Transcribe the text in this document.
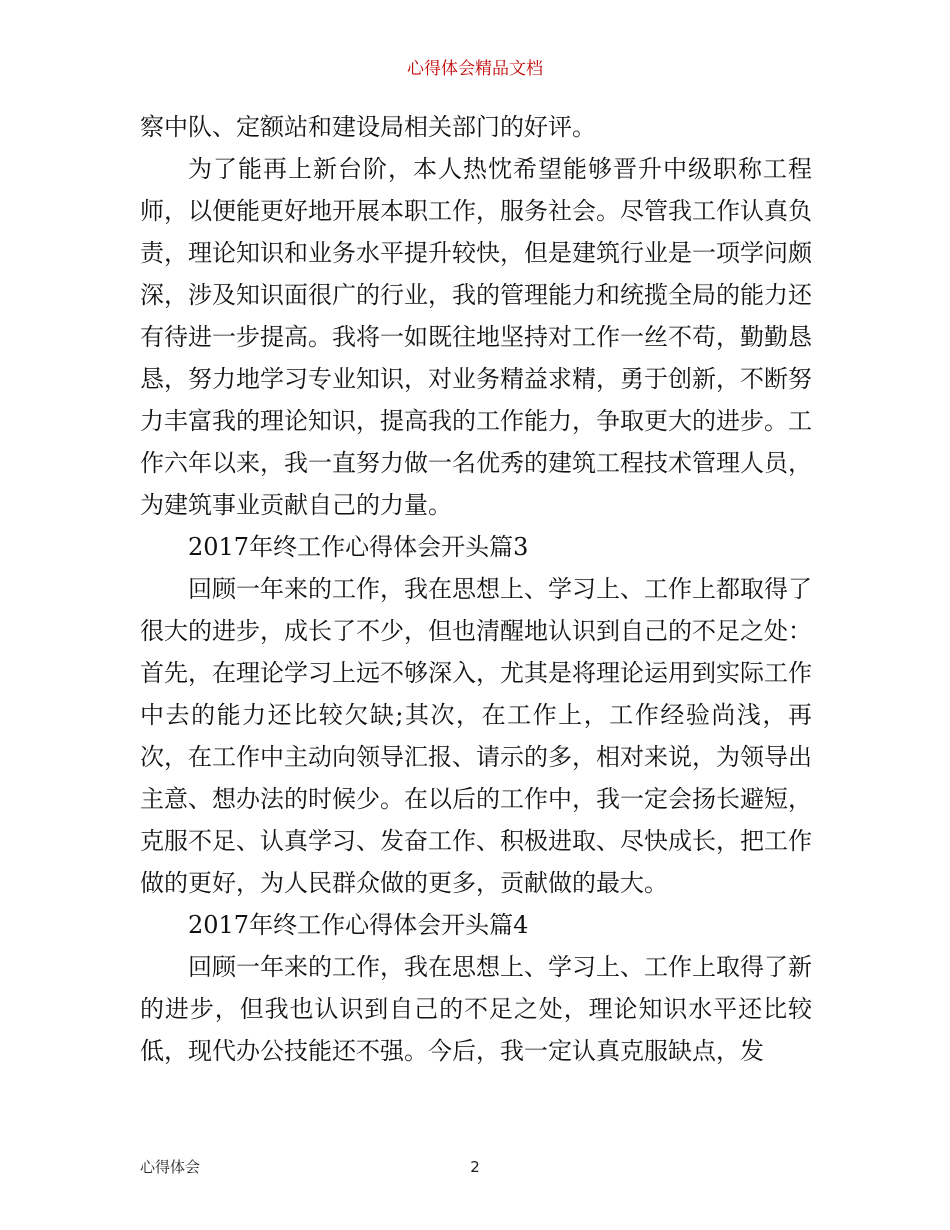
心得体会精品文档

察中队、定额站和建设局相关部门的好评。

为了能再上新台阶，本人热忱希望能够晋升中级职称工程师，以便能更好地开展本职工作，服务社会。尽管我工作认真负责，理论知识和业务水平提升较快，但是建筑行业是一项学问颇深，涉及知识面很广的行业，我的管理能力和统揽全局的能力还有待进一步提高。我将一如既往地坚持对工作一丝不苟，勤勤恳恳，努力地学习专业知识，对业务精益求精，勇于创新，不断努力丰富我的理论知识，提高我的工作能力，争取更大的进步。工作六年以来，我一直努力做一名优秀的建筑工程技术管理人员，为建筑事业贡献自己的力量。

2017年终工作心得体会开头篇3

回顾一年来的工作，我在思想上、学习上、工作上都取得了很大的进步，成长了不少，但也清醒地认识到自己的不足之处：首先，在理论学习上远不够深入，尤其是将理论运用到实际工作中去的能力还比较欠缺;其次，在工作上，工作经验尚浅，再次，在工作中主动向领导汇报、请示的多，相对来说，为领导出主意、想办法的时候少。在以后的工作中，我一定会扬长避短，克服不足、认真学习、发奋工作、积极进取、尽快成长，把工作做的更好，为人民群众做的更多，贡献做的最大。

2017年终工作心得体会开头篇4

回顾一年来的工作，我在思想上、学习上、工作上取得了新的进步，但我也认识到自己的不足之处，理论知识水平还比较低，现代办公技能还不强。今后，我一定认真克服缺点，发

心得体会	2
